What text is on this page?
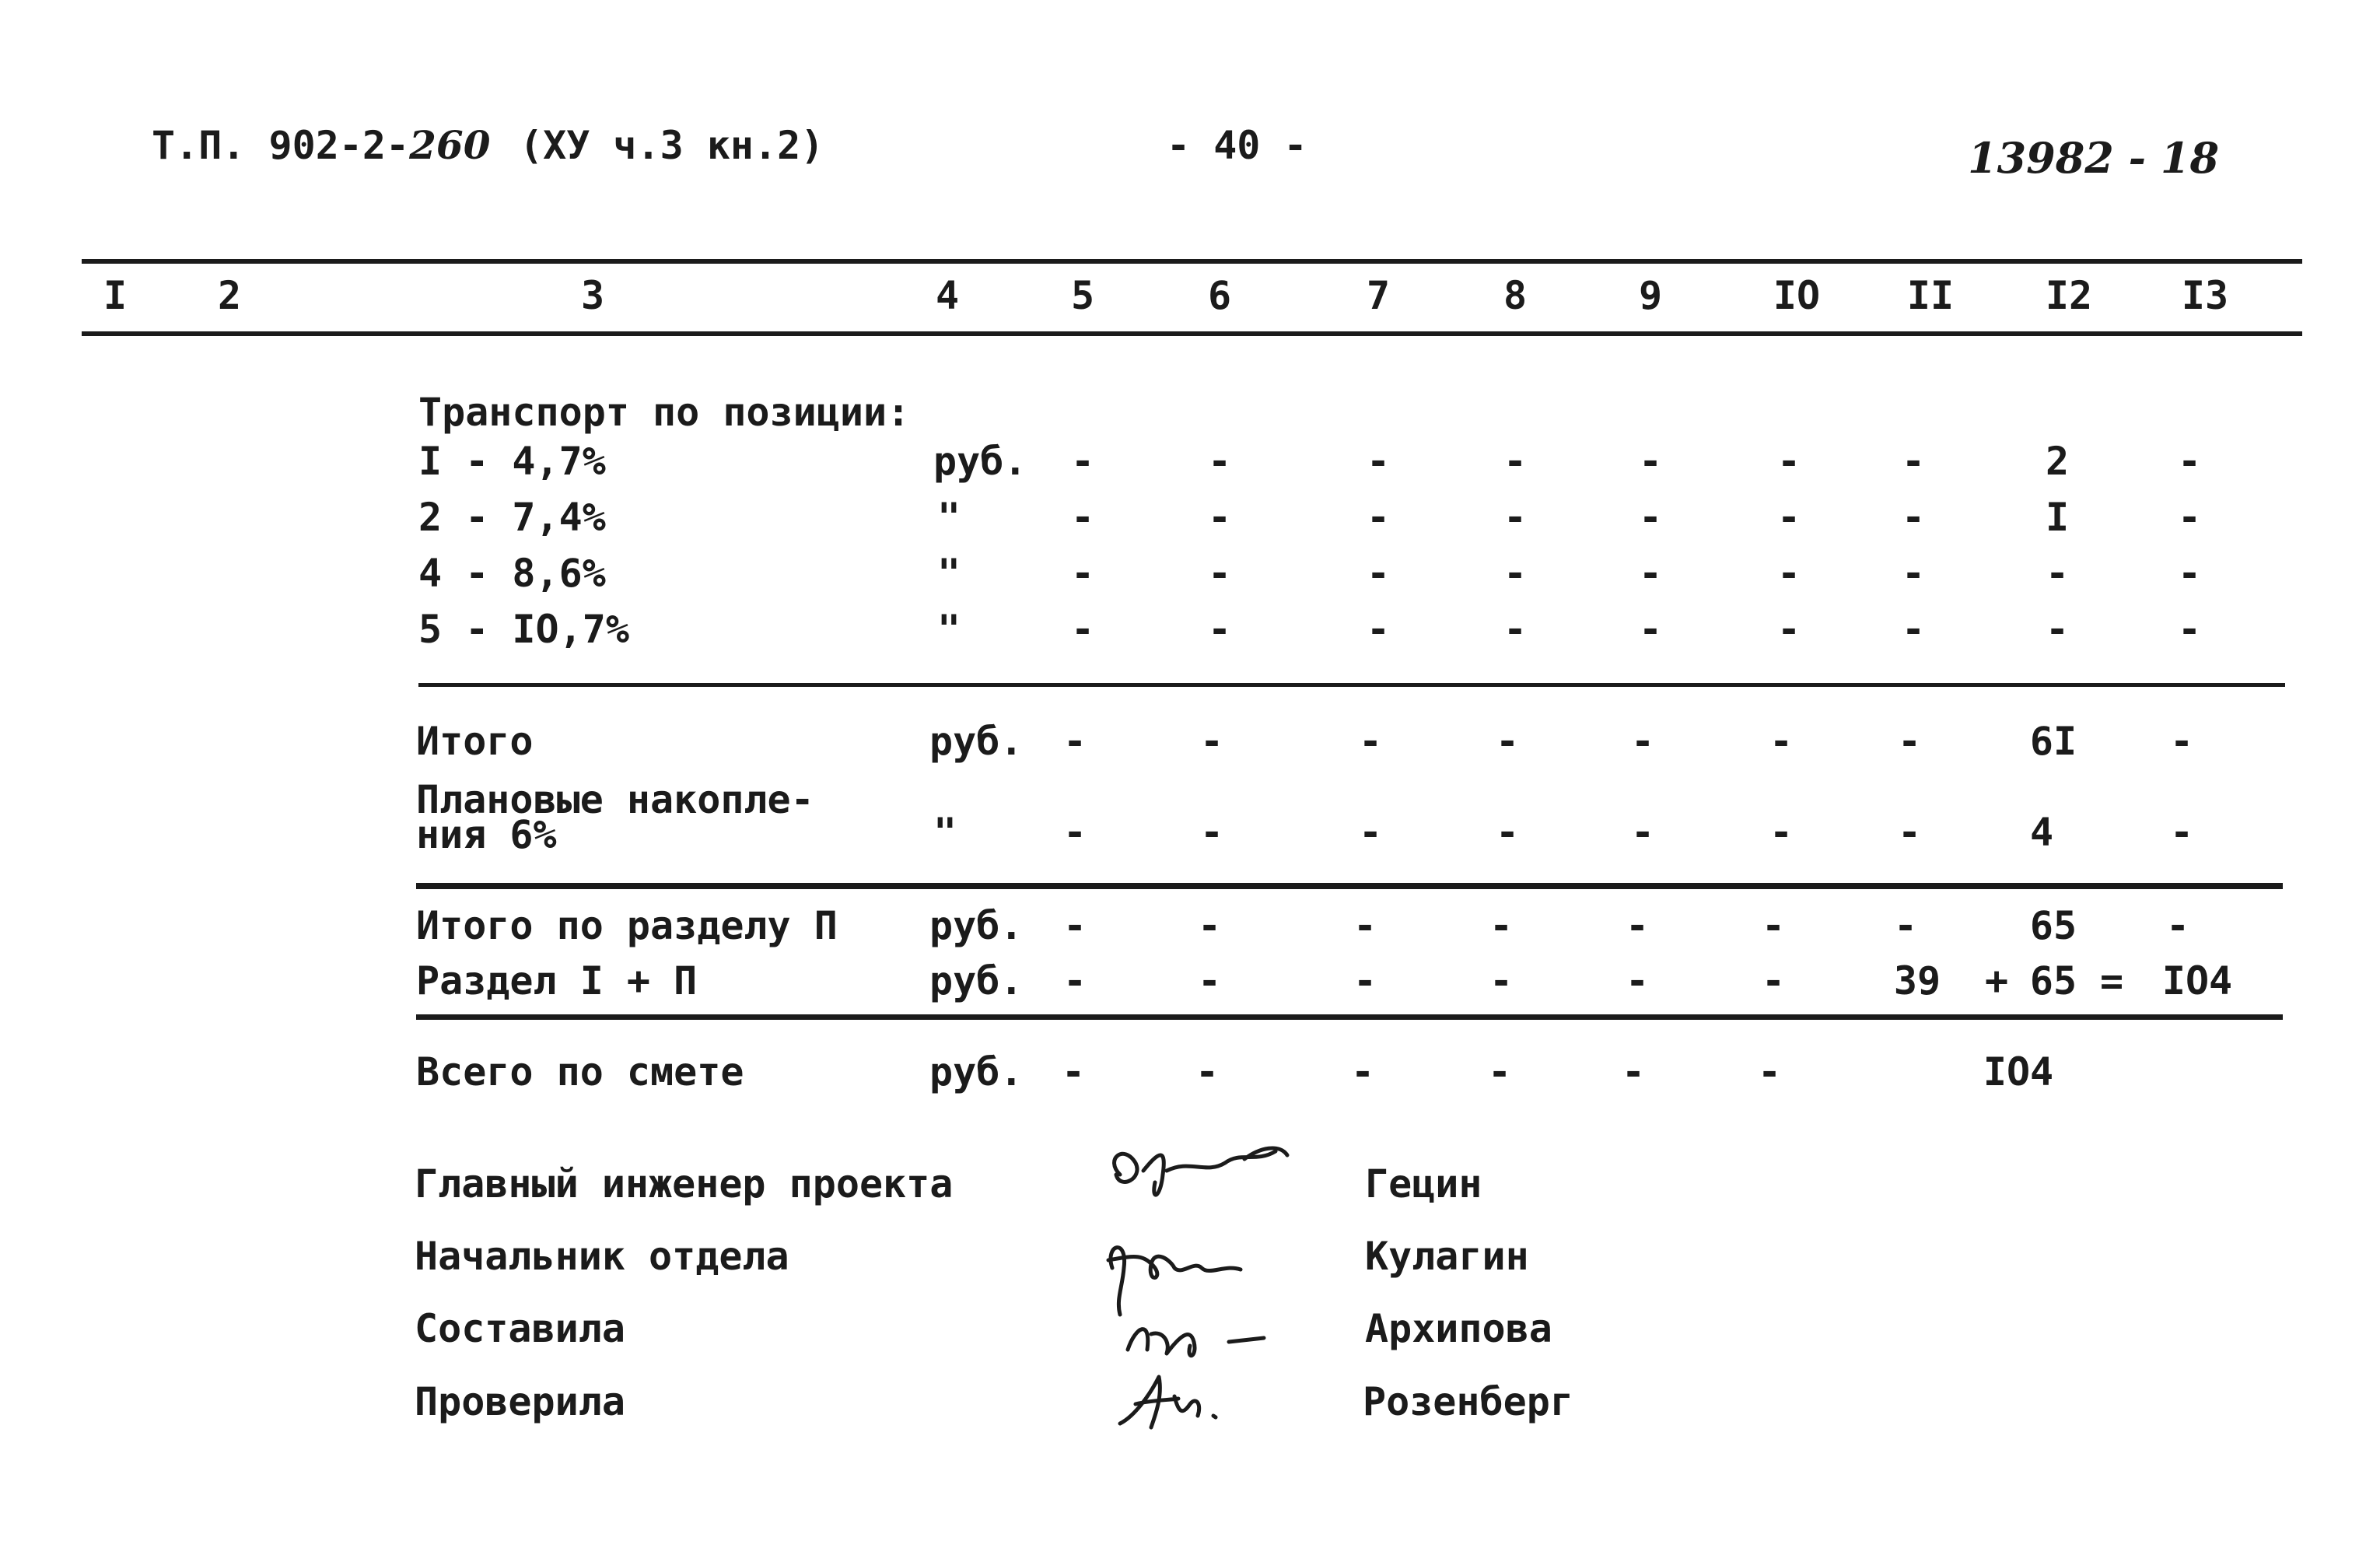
Т.П. 902-2-260 (ХУ ч.3 кн.2)	- 40 -	13982 - 18
I 2	3	4	5	6	7	8	9	IO II I2 I3
Транспорт по позиции:
I - 4,7%	руб. -	-	-	-	-	-	-	2	-
2 - 7,4%	"	-	-	-	-	-	-	-	I	-
4 - 8,6%	"	-	-	-	-	-	-	-	-	-
5 - IO,7%	"	-	-	-	-	-	-	-	-	-
Итого	руб. -	-	-	-	-	-	-	6I -
Плановые накопле-
ния 6%	"	-	-	-	-	-	-	-	4	-
Итого по разделу П руб. -	-	-	-	-	-	-	65 -
Раздел I + П	руб. -	-	-	-	-	-	39 + 65 = IO4
Всего по смете	руб. -	-	-	-	-	-	IO4
Главный инженер проекта	Гецин
Начальник отдела	Кулагин
Составила	Архипова
Проверила	Розенберг
